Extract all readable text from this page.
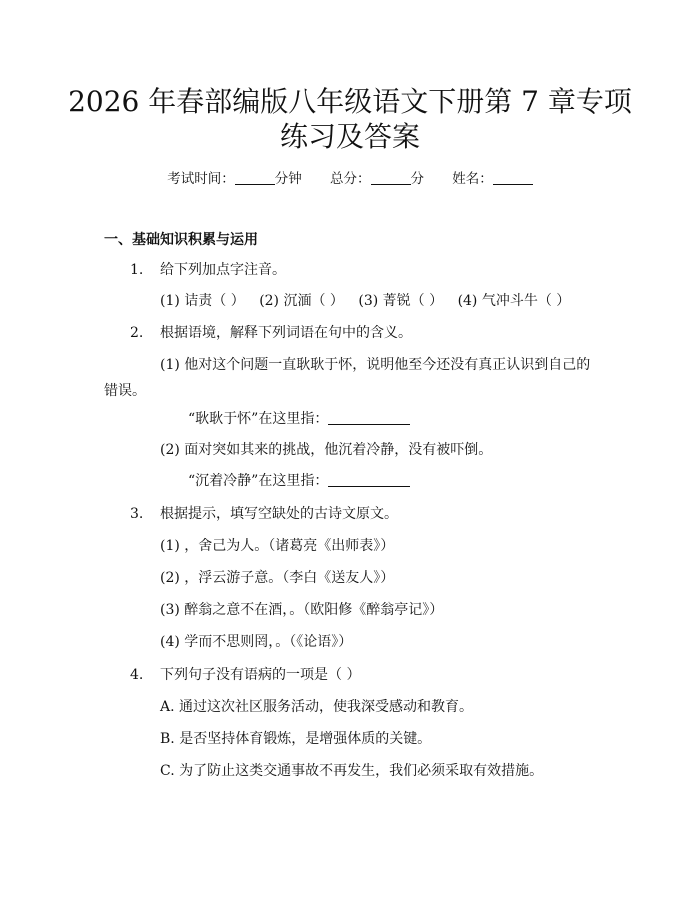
2026 年春部编版八年级语文下册第 7 章专项
练习及答案
考试时间：	分钟 总分：	分 姓名：
一、基础知识积累与运用
1. 给下列加点字注音。
(1) 诘责（ ） (2) 沉湎（ ） (3) 菁锐（ ） (4) 气冲斗牛（ ）
2. 根据语境，解释下列词语在句中的含义。
(1) 他对这个问题一直耿耿于怀，说明他至今还没有真正认识到自己的错误。
“耿耿于怀”在这里指：
(2) 面对突如其来的挑战，他沉着冷静，没有被吓倒。
“沉着冷静”在这里指：
3. 根据提示，填写空缺处的古诗文原文。
(1) ，舍己为人。（诸葛亮《出师表》）
(2) ，浮云游子意。（李白《送友人》）
(3) 醉翁之意不在酒，。（欧阳修《醉翁亭记》）
(4) 学而不思则罔，。（《论语》）
4. 下列句子没有语病的一项是（ ）
A. 通过这次社区服务活动，使我深受感动和教育。
B. 是否坚持体育锻炼，是增强体质的关键。
C. 为了防止这类交通事故不再发生，我们必须采取有效措施。
